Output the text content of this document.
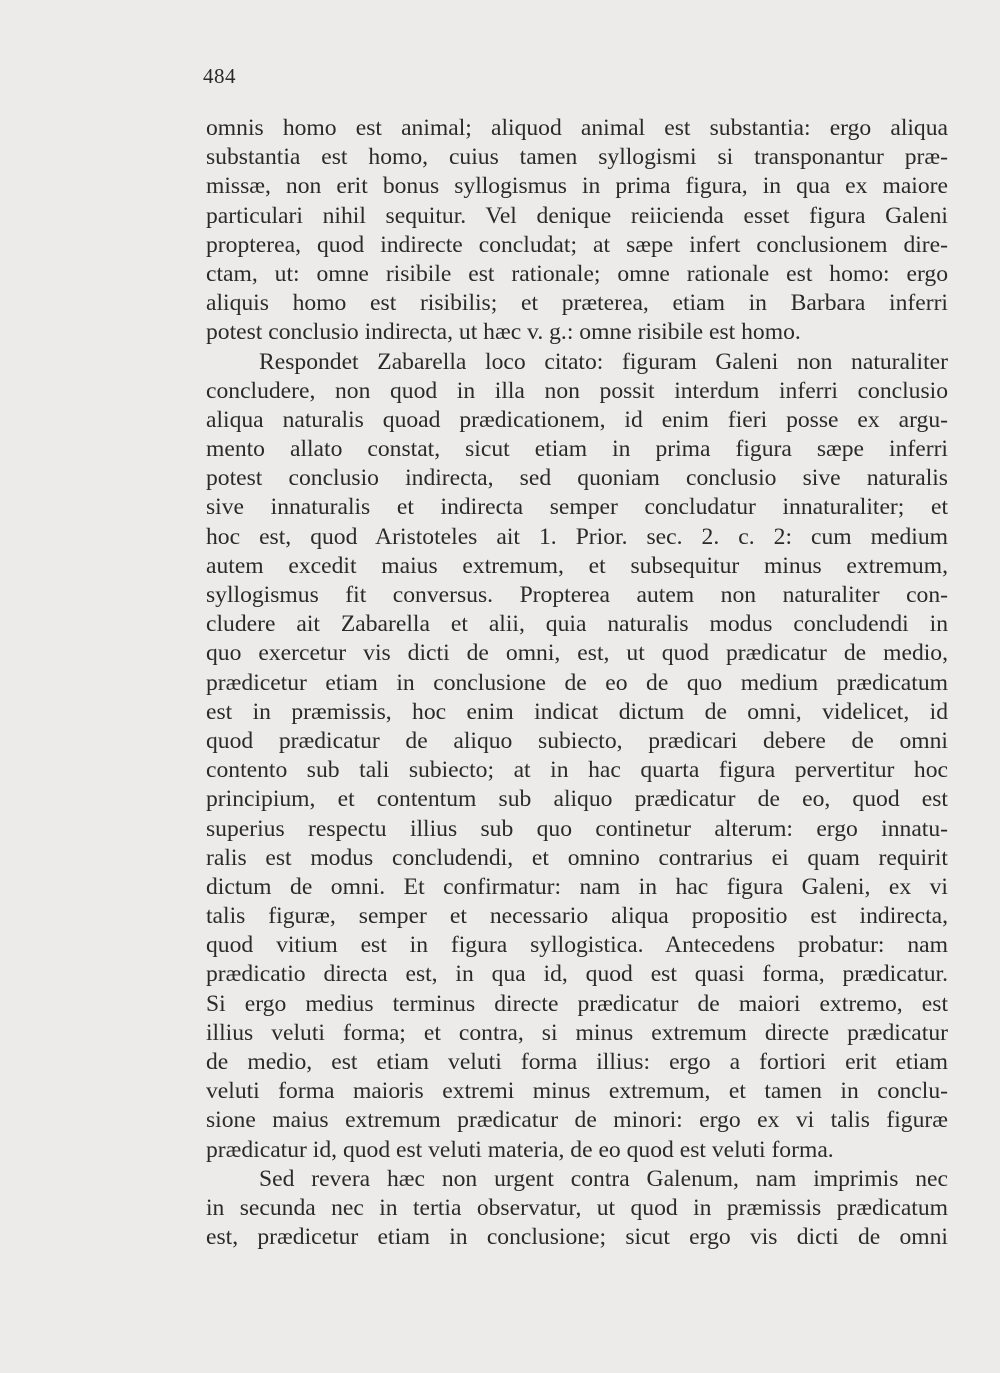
484
omnis homo est animal; aliquod animal est substantia: ergo aliqua
substantia est homo, cuius tamen syllogismi si transponantur præ-
missæ, non erit bonus syllogismus in prima figura, in qua ex maiore
particulari nihil sequitur. Vel denique reiicienda esset figura Galeni
propterea, quod indirecte concludat; at sæpe infert conclusionem dire-
ctam, ut: omne risibile est rationale; omne rationale est homo: ergo
aliquis homo est risibilis; et præterea, etiam in Barbara inferri
potest conclusio indirecta, ut hæc v. g.: omne risibile est homo.
Respondet Zabarella loco citato: figuram Galeni non naturaliter
concludere, non quod in illa non possit interdum inferri conclusio
aliqua naturalis quoad prædicationem, id enim fieri posse ex argu-
mento allato constat, sicut etiam in prima figura sæpe inferri
potest conclusio indirecta, sed quoniam conclusio sive naturalis
sive innaturalis et indirecta semper concludatur innaturaliter; et
hoc est, quod Aristoteles ait 1. Prior. sec. 2. c. 2: cum medium
autem excedit maius extremum, et subsequitur minus extremum,
syllogismus fit conversus. Propterea autem non naturaliter con-
cludere ait Zabarella et alii, quia naturalis modus concludendi in
quo exercetur vis dicti de omni, est, ut quod prædicatur de medio,
prædicetur etiam in conclusione de eo de quo medium prædicatum
est in præmissis, hoc enim indicat dictum de omni, videlicet, id
quod prædicatur de aliquo subiecto, prædicari debere de omni
contento sub tali subiecto; at in hac quarta figura pervertitur hoc
principium, et contentum sub aliquo prædicatur de eo, quod est
superius respectu illius sub quo continetur alterum: ergo innatu-
ralis est modus concludendi, et omnino contrarius ei quam requirit
dictum de omni. Et confirmatur: nam in hac figura Galeni, ex vi
talis figuræ, semper et necessario aliqua propositio est indirecta,
quod vitium est in figura syllogistica. Antecedens probatur: nam
prædicatio directa est, in qua id, quod est quasi forma, prædicatur.
Si ergo medius terminus directe prædicatur de maiori extremo, est
illius veluti forma; et contra, si minus extremum directe prædicatur
de medio, est etiam veluti forma illius: ergo a fortiori erit etiam
veluti forma maioris extremi minus extremum, et tamen in conclu-
sione maius extremum prædicatur de minori: ergo ex vi talis figuræ
prædicatur id, quod est veluti materia, de eo quod est veluti forma.
Sed revera hæc non urgent contra Galenum, nam imprimis nec
in secunda nec in tertia observatur, ut quod in præmissis prædicatum
est, prædicetur etiam in conclusione; sicut ergo vis dicti de omni
